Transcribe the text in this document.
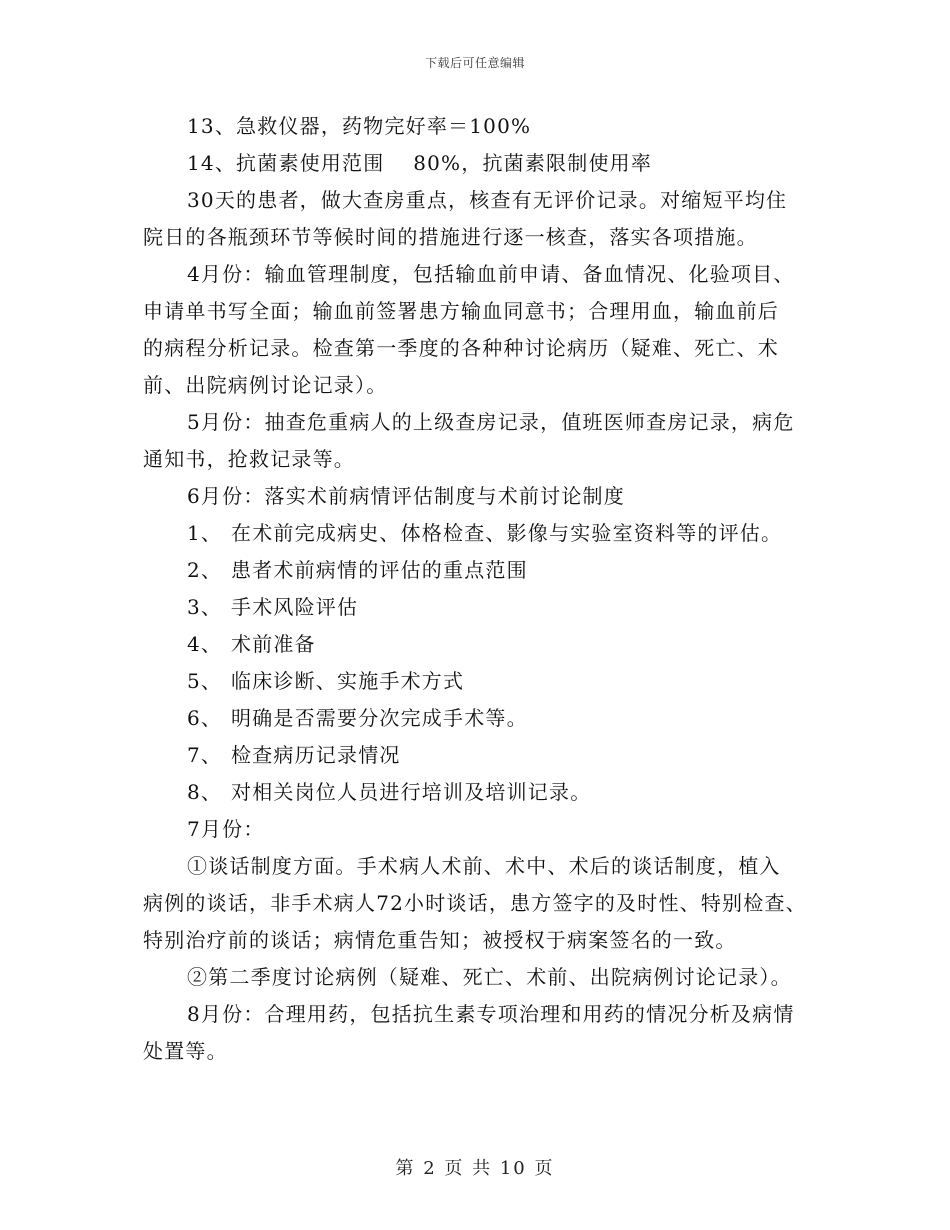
下载后可任意编辑
13、急救仪器，药物完好率＝100%
14、抗菌素使用范围　 80%，抗菌素限制使用率
30天的患者，做大查房重点，核查有无评价记录。对缩短平均住
院日的各瓶颈环节等候时间的措施进行逐一核查，落实各项措施。
4月份：输血管理制度，包括输血前申请、备血情况、化验项目、
申请单书写全面；输血前签署患方输血同意书；合理用血，输血前后
的病程分析记录。检查第一季度的各种种讨论病历（疑难、死亡、术
前、出院病例讨论记录）。
5月份：抽查危重病人的上级查房记录，值班医师查房记录，病危
通知书，抢救记录等。
6月份：落实术前病情评估制度与术前讨论制度
1、 在术前完成病史、体格检查、影像与实验室资料等的评估。
2、 患者术前病情的评估的重点范围
3、 手术风险评估
4、 术前准备
5、 临床诊断、实施手术方式
6、 明确是否需要分次完成手术等。
7、 检查病历记录情况
8、 对相关岗位人员进行培训及培训记录。
7月份：
①谈话制度方面。手术病人术前、术中、术后的谈话制度，植入
病例的谈话，非手术病人72小时谈话，患方签字的及时性、特别检查、
特别治疗前的谈话；病情危重告知；被授权于病案签名的一致。
②第二季度讨论病例（疑难、死亡、术前、出院病例讨论记录）。
8月份：合理用药，包括抗生素专项治理和用药的情况分析及病情
处置等。
第 2 页 共 10 页
